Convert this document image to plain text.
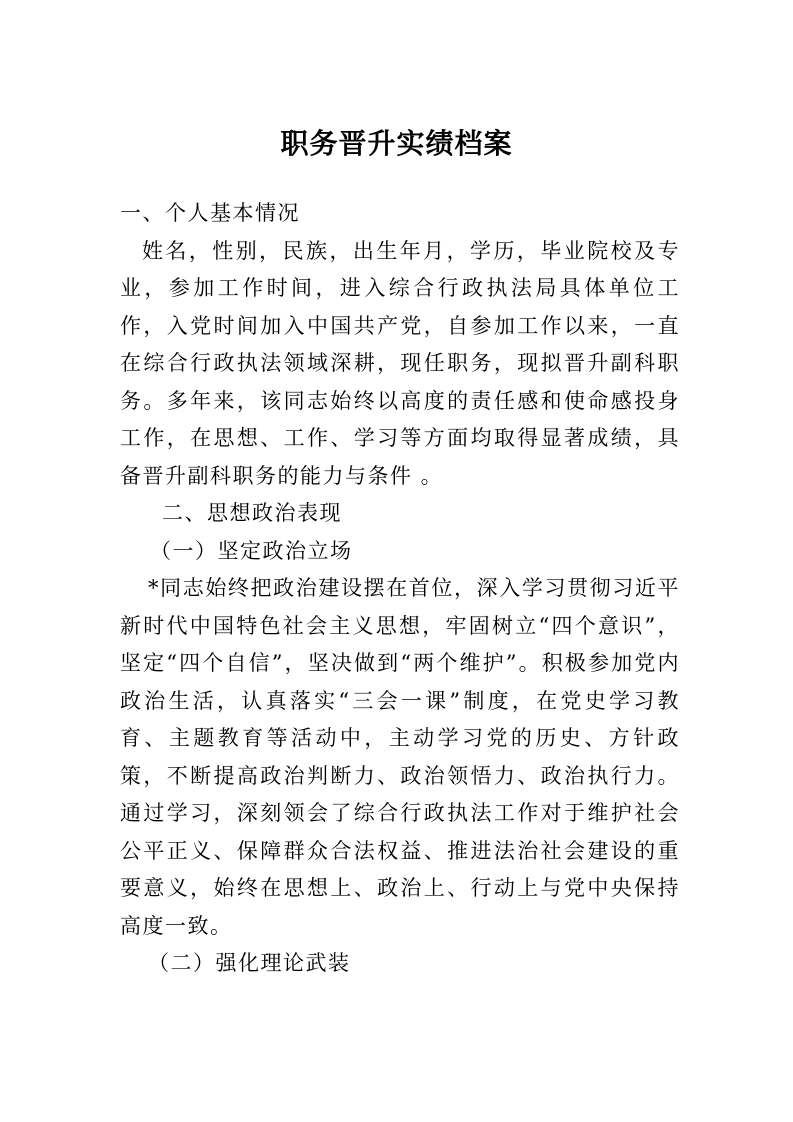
职务晋升实绩档案

一、个人基本情况

姓名，性别，民族，出生年月，学历，毕业院校及专业，参加工作时间，进入综合行政执法局具体单位工作，入党时间加入中国共产党，自参加工作以来，一直在综合行政执法领域深耕，现任职务，现拟晋升副科职务。多年来，该同志始终以高度的责任感和使命感投身工作，在思想、工作、学习等方面均取得显著成绩，具备晋升副科职务的能力与条件 。

二、思想政治表现

（一）坚定政治立场

*同志始终把政治建设摆在首位，深入学习贯彻习近平新时代中国特色社会主义思想，牢固树立“四个意识”，坚定“四个自信”，坚决做到“两个维护”。积极参加党内政治生活，认真落实“三会一课”制度，在党史学习教育、主题教育等活动中，主动学习党的历史、方针政策，不断提高政治判断力、政治领悟力、政治执行力。通过学习，深刻领会了综合行政执法工作对于维护社会公平正义、保障群众合法权益、推进法治社会建设的重要意义，始终在思想上、政治上、行动上与党中央保持高度一致。

（二）强化理论武装
